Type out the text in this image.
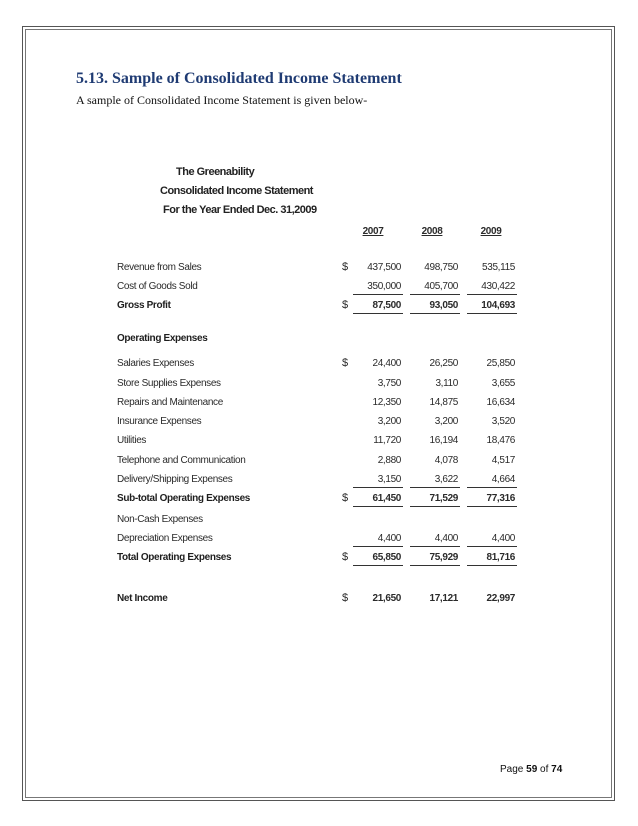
5.13. Sample of Consolidated Income Statement
A sample of Consolidated Income Statement is given below-
The Greenability
Consolidated Income Statement
For the Year Ended Dec. 31,2009
2007	2008	2009
Revenue from Sales	$	437,500	498,750	535,115
Cost of Goods Sold	350,000	405,700	430,422
Gross Profit	$	87,500	93,050	104,693
Operating Expenses
Salaries Expenses	$	24,400	26,250	25,850
Store Supplies Expenses	3,750	3,110	3,655
Repairs and Maintenance	12,350	14,875	16,634
Insurance Expenses	3,200	3,200	3,520
Utilities	11,720	16,194	18,476
Telephone and Communication	2,880	4,078	4,517
Delivery/Shipping Expenses	3,150	3,622	4,664
Sub-total Operating Expenses	$	61,450	71,529	77,316
Non-Cash Expenses
Depreciation Expenses	4,400	4,400	4,400
Total Operating Expenses	$	65,850	75,929	81,716
Net Income	$	21,650	17,121	22,997
Page 59 of 74
